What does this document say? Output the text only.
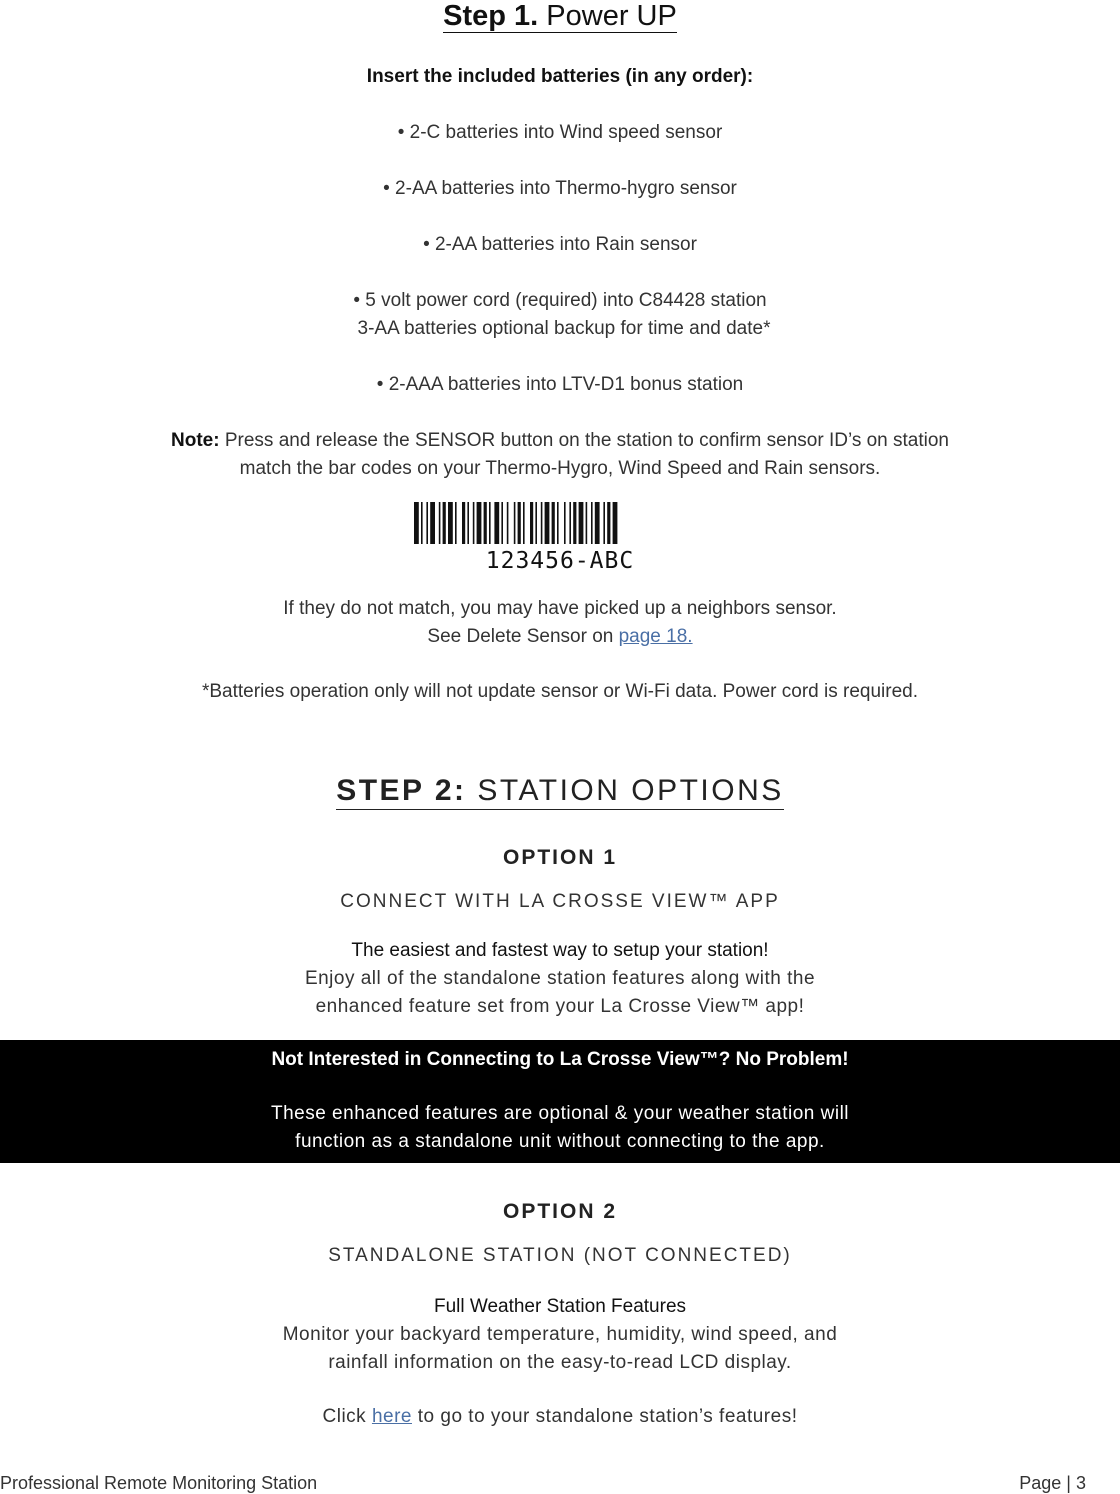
Step 1. Power UP
Insert the included batteries (in any order):
• 2-C batteries into Wind speed sensor
• 2-AA batteries into Thermo-hygro sensor
• 2-AA batteries into Rain sensor
• 5 volt power cord (required) into C84428 station
3-AA batteries optional backup for time and date*
• 2-AAA batteries into LTV-D1 bonus station
Note: Press and release the SENSOR button on the station to confirm sensor ID’s on station
match the bar codes on your Thermo-Hygro, Wind Speed and Rain sensors.
123456-ABC
If they do not match, you may have picked up a neighbors sensor.
See Delete Sensor on page 18.
*Batteries operation only will not update sensor or Wi-Fi data. Power cord is required.
STEP 2: STATION OPTIONS
OPTION 1
CONNECT WITH LA CROSSE VIEW™ APP
The easiest and fastest way to setup your station!
Enjoy all of the standalone station features along with the
enhanced feature set from your La Crosse View™ app!
Not Interested in Connecting to La Crosse View™? No Problem!
These enhanced features are optional & your weather station will
function as a standalone unit without connecting to the app.
OPTION 2
STANDALONE STATION (NOT CONNECTED)
Full Weather Station Features
Monitor your backyard temperature, humidity, wind speed, and
rainfall information on the easy-to-read LCD display.
Click here to go to your standalone station’s features!
Professional Remote Monitoring Station	Page | 3
